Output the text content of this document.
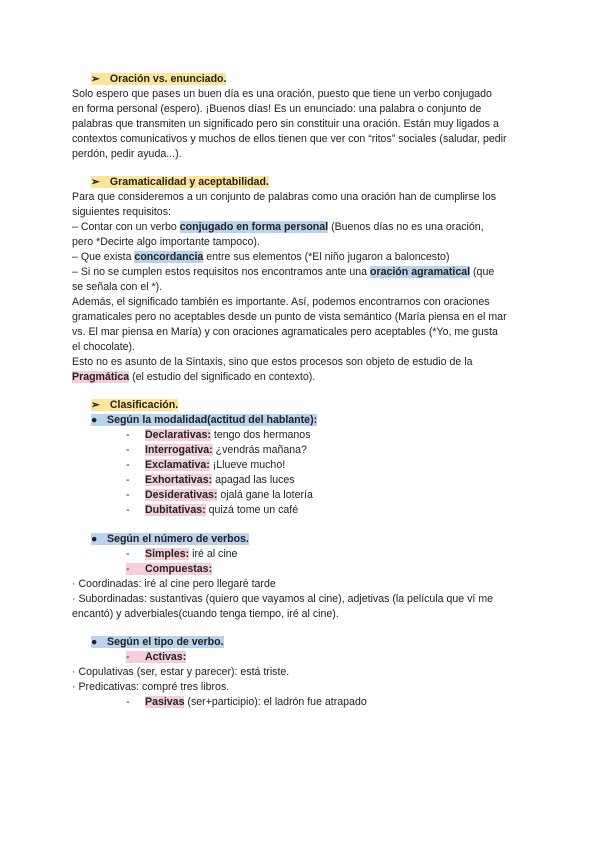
➢ Oración vs. enunciado.
Solo espero que pases un buen día es una oración, puesto que tiene un verbo conjugado
en forma personal (espero). ¡Buenos días! Es un enunciado: una palabra o conjunto de
palabras que transmiten un significado pero sin constituir una oración. Están muy ligados a
contextos comunicativos y muchos de ellos tienen que ver con “ritos” sociales (saludar, pedir
perdón, pedir ayuda...).
➢ Gramaticalidad y aceptabilidad.
Para que consideremos a un conjunto de palabras como una oración han de cumplirse los
siguientes requisitos:
– Contar con un verbo conjugado en forma personal (Buenos días no es una oración,
pero *Decirte algo importante tampoco).
– Que exista concordancia entre sus elementos (*El niño jugaron a baloncesto)
– Si no se cumplen estos requisitos nos encontramos ante una oración agramatical (que
se señala con el *).
Además, el significado también es importante. Así, podemos encontrarnos con oraciones
gramaticales pero no aceptables desde un punto de vista semántico (María piensa en el mar
vs. El mar piensa en María) y con oraciones agramaticales pero aceptables (*Yo, me gusta
el chocolate).
Esto no es asunto de la Sintaxis, sino que estos procesos son objeto de estudio de la
Pragmática (el estudio del significado en contexto).
➢ Clasificación.
● Según la modalidad(actitud del hablante):
- Declarativas: tengo dos hermanos
- Interrogativa: ¿vendrás mañana?
- Exclamativa: ¡Llueve mucho!
- Exhortativas: apagad las luces
- Desiderativas: ojalá gane la lotería
- Dubitativas: quizá tome un café
● Según el número de verbos.
- Simples: iré al cine
- Compuestas:
· Coordinadas: iré al cine pero llegaré tarde
· Subordinadas: sustantivas (quiero que vayamos al cine), adjetivas (la película que ví me
encantó) y adverbiales(cuando tenga tiempo, iré al cine).
● Según el tipo de verbo.
- Activas:
· Copulativas (ser, estar y parecer): está triste.
· Predicativas: compré tres libros.
- Pasivas (ser+participio): el ladrón fue atrapado
